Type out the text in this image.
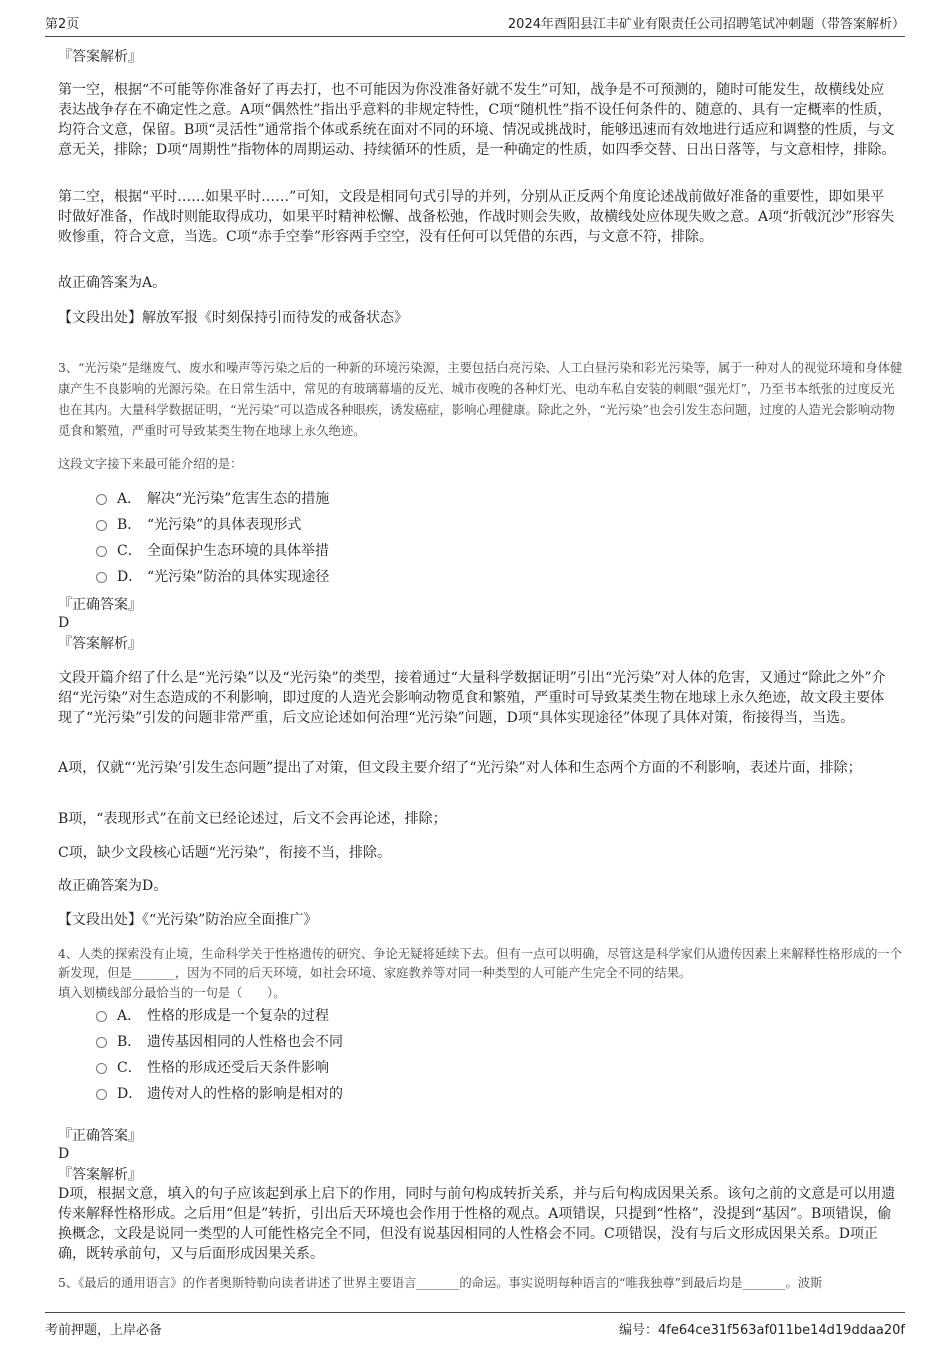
第2页	2024年酉阳县江丰矿业有限责任公司招聘笔试冲刺题（带答案解析）

『答案解析』

第一空，根据“不可能等你准备好了再去打，也不可能因为你没准备好就不发生”可知，战争是不可预测的，随时可能发生，故横线处应表达战争存在不确定性之意。A项“偶然性”指出乎意料的非规定特性，C项“随机性”指不设任何条件的、随意的、具有一定概率的性质，均符合文意，保留。B项“灵活性”通常指个体或系统在面对不同的环境、情况或挑战时，能够迅速而有效地进行适应和调整的性质，与文意无关，排除；D项“周期性”指物体的周期运动、持续循环的性质，是一种确定的性质，如四季交替、日出日落等，与文意相悖，排除。

第二空，根据“平时……如果平时……”可知，文段是相同句式引导的并列，分别从正反两个角度论述战前做好准备的重要性，即如果平时做好准备，作战时则能取得成功，如果平时精神松懈、战备松弛，作战时则会失败，故横线处应体现失败之意。A项“折戟沉沙”形容失败惨重，符合文意，当选。C项“赤手空拳”形容两手空空，没有任何可以凭借的东西，与文意不符，排除。

故正确答案为A。

【文段出处】解放军报《时刻保持引而待发的戒备状态》

3、“光污染”是继废气、废水和噪声等污染之后的一种新的环境污染源，主要包括白亮污染、人工白昼污染和彩光污染等，属于一种对人的视觉环境和身体健康产生不良影响的光源污染。在日常生活中，常见的有玻璃幕墙的反光、城市夜晚的各种灯光、电动车私自安装的刺眼“强光灯”，乃至书本纸张的过度反光也在其内。大量科学数据证明，“光污染”可以造成各种眼疾，诱发癌症，影响心理健康。除此之外，“光污染”也会引发生态问题，过度的人造光会影响动物觅食和繁殖，严重时可导致某类生物在地球上永久绝迹。

这段文字接下来最可能介绍的是：

A． 解决“光污染”危害生态的措施
B． “光污染”的具体表现形式
C． 全面保护生态环境的具体举措
D． “光污染”防治的具体实现途径

『正确答案』

D

『答案解析』

文段开篇介绍了什么是“光污染”以及“光污染”的类型，接着通过“大量科学数据证明”引出“光污染”对人体的危害，又通过“除此之外”介绍“光污染”对生态造成的不利影响，即过度的人造光会影响动物觅食和繁殖，严重时可导致某类生物在地球上永久绝迹，故文段主要体现了“光污染”引发的问题非常严重，后文应论述如何治理“光污染”问题，D项“具体实现途径”体现了具体对策，衔接得当，当选。

A项，仅就“‘光污染’引发生态问题”提出了对策，但文段主要介绍了“光污染”对人体和生态两个方面的不利影响，表述片面，排除；

B项，“表现形式”在前文已经论述过，后文不会再论述，排除；

C项，缺少文段核心话题“光污染”，衔接不当，排除。

故正确答案为D。

【文段出处】《“光污染”防治应全面推广》

4、人类的探索没有止境，生命科学关于性格遗传的研究、争论无疑将延续下去。但有一点可以明确，尽管这是科学家们从遗传因素上来解释性格形成的一个新发现，但是_______，因为不同的后天环境，如社会环境、家庭教养等对同一种类型的人可能产生完全不同的结果。

填入划横线部分最恰当的一句是（　　）。

A． 性格的形成是一个复杂的过程
B． 遗传基因相同的人性格也会不同
C． 性格的形成还受后天条件影响
D． 遗传对人的性格的影响是相对的

『正确答案』

D

『答案解析』

D项，根据文意，填入的句子应该起到承上启下的作用，同时与前句构成转折关系，并与后句构成因果关系。该句之前的文意是可以用遗传来解释性格形成。之后用“但是”转折，引出后天环境也会作用于性格的观点。A项错误，只提到“性格”，没提到“基因”。B项错误，偷换概念，文段是说同一类型的人可能性格完全不同，但没有说基因相同的人性格会不同。C项错误，没有与后文形成因果关系。D项正确，既转承前句，又与后面形成因果关系。

5、《最后的通用语言》的作者奥斯特勒向读者讲述了世界主要语言_______的命运。事实说明每种语言的“唯我独尊”到最后均是_______。波斯

考前押题，上岸必备	编号：4fe64ce31f563af011be14d19ddaa20f
